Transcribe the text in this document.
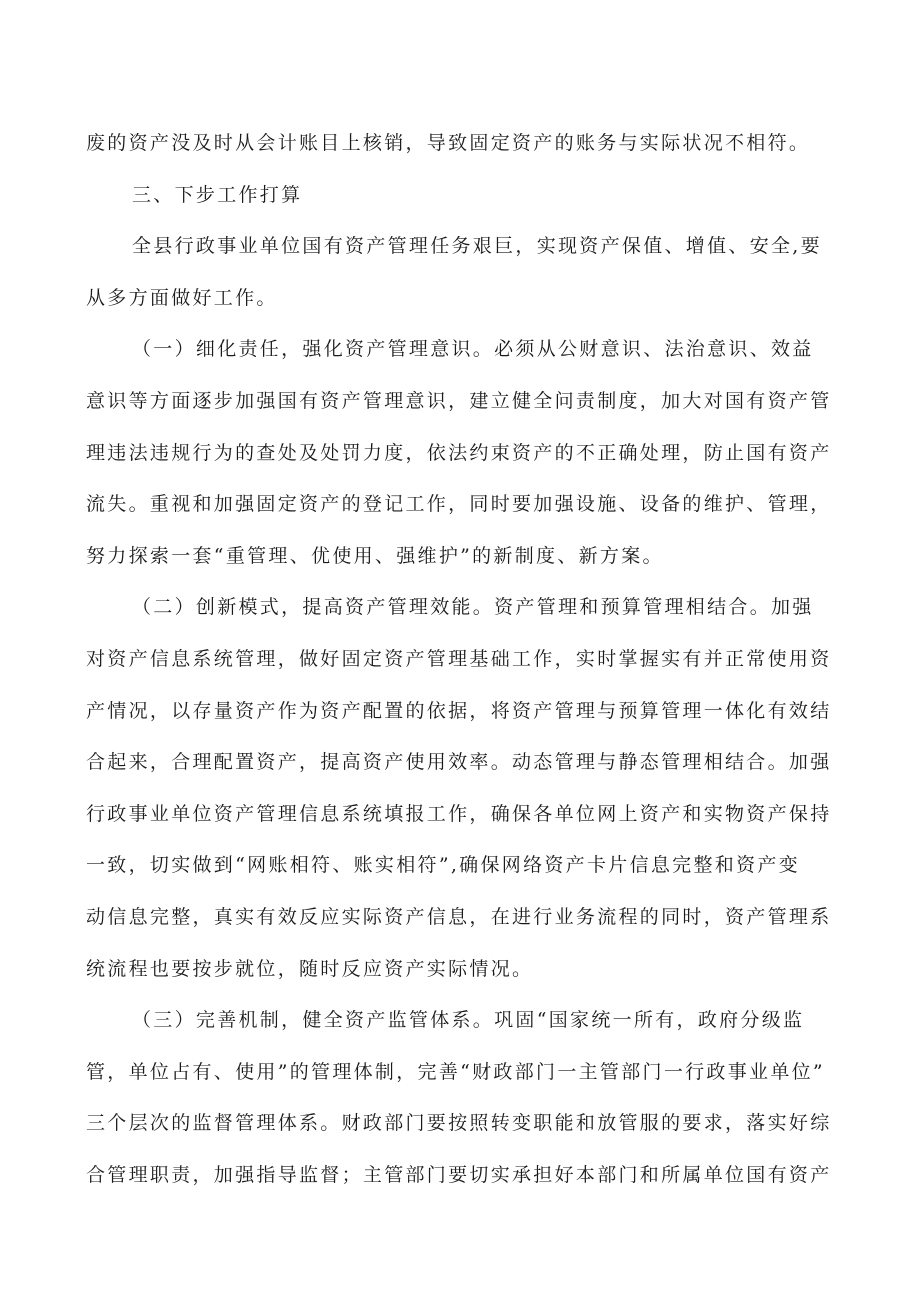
废的资产没及时从会计账目上核销，导致固定资产的账务与实际状况不相符。
三、下步工作打算
全县行政事业单位国有资产管理任务艰巨，实现资产保值、增值、安全,要
从多方面做好工作。
（一）细化责任，强化资产管理意识。必须从公财意识、法治意识、效益
意识等方面逐步加强国有资产管理意识，建立健全问责制度，加大对国有资产管
理违法违规行为的查处及处罚力度，依法约束资产的不正确处理，防止国有资产
流失。重视和加强固定资产的登记工作，同时要加强设施、设备的维护、管理，
努力探索一套“重管理、优使用、强维护”的新制度、新方案。
（二）创新模式，提高资产管理效能。资产管理和预算管理相结合。加强
对资产信息系统管理，做好固定资产管理基础工作，实时掌握实有并正常使用资
产情况，以存量资产作为资产配置的依据，将资产管理与预算管理一体化有效结
合起来，合理配置资产，提高资产使用效率。动态管理与静态管理相结合。加强
行政事业单位资产管理信息系统填报工作，确保各单位网上资产和实物资产保持
一致，切实做到“网账相符、账实相符”,确保网络资产卡片信息完整和资产变
动信息完整，真实有效反应实际资产信息，在进行业务流程的同时，资产管理系
统流程也要按步就位，随时反应资产实际情况。
（三）完善机制，健全资产监管体系。巩固“国家统一所有，政府分级监
管，单位占有、使用”的管理体制，完善“财政部门一主管部门一行政事业单位”
三个层次的监督管理体系。财政部门要按照转变职能和放管服的要求，落实好综
合管理职责，加强指导监督；主管部门要切实承担好本部门和所属单位国有资产
